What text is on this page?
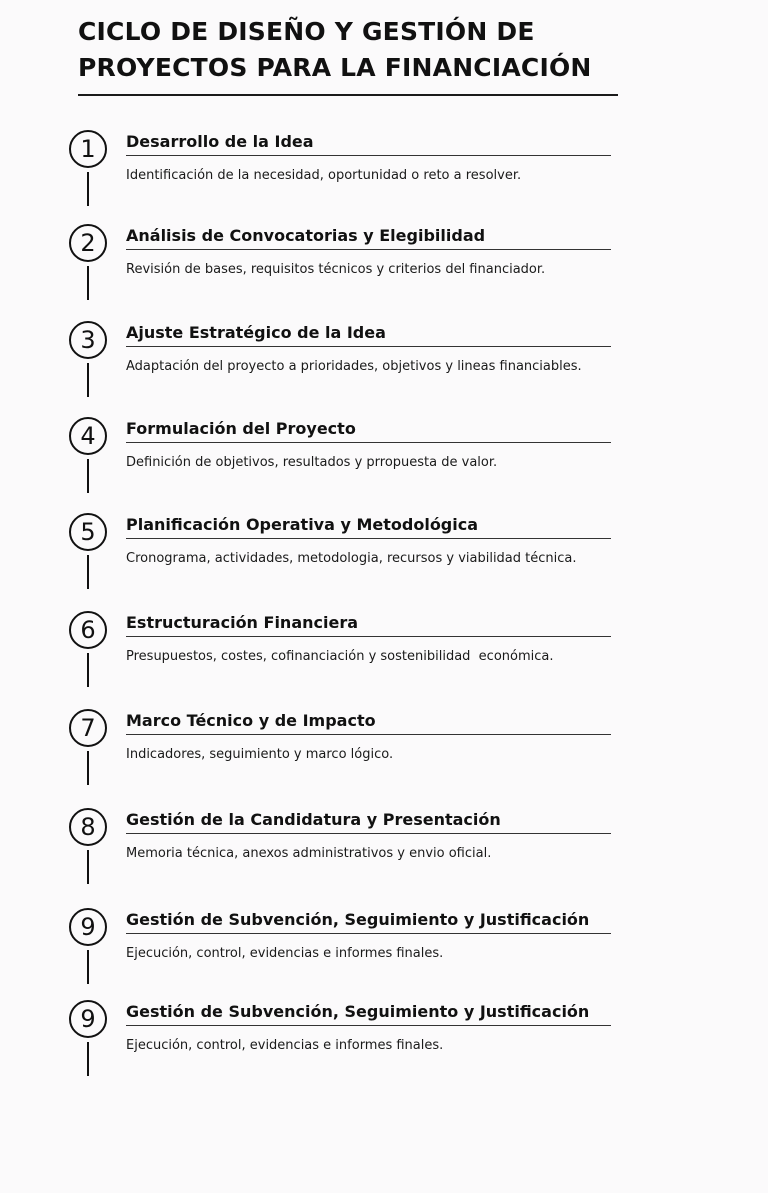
CICLO DE DISEÑO Y GESTIÓN DE
PROYECTOS PARA LA FINANCIACIÓN
1	Desarrollo de la Idea
Identificación de la necesidad, oportunidad o reto a resolver.
2	Análisis de Convocatorias y Elegibilidad
Revisión de bases, requisitos técnicos y criterios del financiador.
3	Ajuste Estratégico de la Idea
Adaptación del proyecto a prioridades, objetivos y lineas financiables.
4	Formulación del Proyecto
Definición de objetivos, resultados y prropuesta de valor.
5	Planificación Operativa y Metodológica
Cronograma, actividades, metodologia, recursos y viabilidad técnica.
6	Estructuración Financiera
Presupuestos, costes, cofinanciación y sostenibilidad  económica.
7	Marco Técnico y de Impacto
Indicadores, seguimiento y marco lógico.
8	Gestión de la Candidatura y Presentación
Memoria técnica, anexos administrativos y envio oficial.
9	Gestión de Subvención, Seguimiento y Justificación
Ejecución, control, evidencias e informes finales.
9	Gestión de Subvención, Seguimiento y Justificación
Ejecución, control, evidencias e informes finales.
